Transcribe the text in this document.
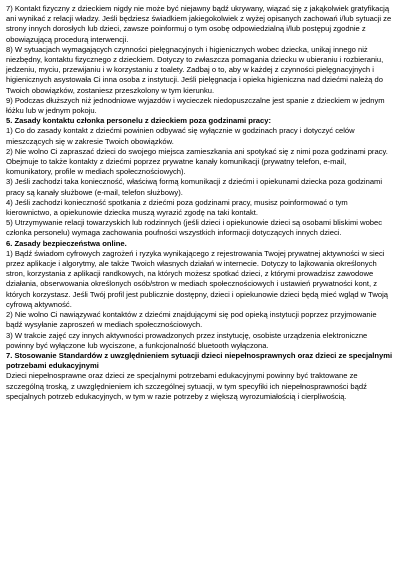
7) Kontakt fizyczny z dzieckiem nigdy nie może być niejawny bądź ukrywany, wiązać się z jakąkolwiek gratyfikacją ani wynikać z relacji władzy. Jeśli będziesz świadkiem jakiegokolwiek z wyżej opisanych zachowań i/lub sytuacji ze strony innych dorosłych lub dzieci, zawsze poinformuj o tym osobę odpowiedzialną i/lub postępuj zgodnie z obowiązującą procedurą interwencji.

8) W sytuacjach wymagających czynności pielęgnacyjnych i higienicznych wobec dziecka, unikaj innego niż niezbędny, kontaktu fizycznego z dzieckiem. Dotyczy to zwłaszcza pomagania dziecku w ubieraniu i rozbieraniu, jedzeniu, myciu, przewijaniu i w korzystaniu z toalety. Zadbaj o to, aby w każdej z czynności pielęgnacyjnych i higienicznych asystowała Ci inna osoba z instytucji. Jeśli pielęgnacja i opieka higieniczna nad dziećmi należą do Twoich obowiązków, zostaniesz przeszkolony w tym kierunku.

9) Podczas dłuższych niż jednodniowe wyjazdów i wycieczek niedopuszczalne jest spanie z dzieckiem w jednym łóżku lub w jednym pokoju.

5. Zasady kontaktu członka personelu z dzieckiem poza godzinami pracy:

1) Co do zasady kontakt z dziećmi powinien odbywać się wyłącznie w godzinach pracy i dotyczyć celów mieszczących się w zakresie Twoich obowiązków.

2) Nie wolno Ci zapraszać dzieci do swojego miejsca zamieszkania ani spotykać się z nimi poza godzinami pracy. Obejmuje to także kontakty z dziećmi poprzez prywatne kanały komunikacji (prywatny telefon, e-mail, komunikatory, profile w mediach społecznościowych).

3) Jeśli zachodzi taka konieczność, właściwą formą komunikacji z dziećmi i opiekunami dziecka poza godzinami pracy są kanały służbowe (e-mail, telefon służbowy).

4) Jeśli zachodzi konieczność spotkania z dziećmi poza godzinami pracy, musisz poinformować o tym kierownictwo, a opiekunowie dziecka muszą wyrazić zgodę na taki kontakt.

5) Utrzymywanie relacji towarzyskich lub rodzinnych (jeśli dzieci i opiekunowie dzieci są osobami bliskimi wobec członka personelu) wymaga zachowania poufności wszystkich informacji dotyczących innych dzieci.

6. Zasady bezpieczeństwa online.

1) Bądź świadom cyfrowych zagrożeń i ryzyka wynikającego z rejestrowania Twojej prywatnej aktywności w sieci przez aplikacje i algorytmy, ale także Twoich własnych działań w internecie. Dotyczy to lajkowania określonych stron, korzystania z aplikacji randkowych, na których możesz spotkać dzieci, z którymi prowadzisz zawodowe działania, obserwowania określonych osób/stron w mediach społecznościowych i ustawień prywatności kont, z których korzystasz. Jeśli Twój profil jest publicznie dostępny, dzieci i opiekunowie dzieci będą mieć wgląd w Twoją cyfrową aktywność.

2) Nie wolno Ci nawiązywać kontaktów z dziećmi znajdującymi się pod opieką instytucji poprzez przyjmowanie bądź wysyłanie zaproszeń w mediach społecznościowych.

3) W trakcie zajęć czy innych aktywności prowadzonych przez instytucję, osobiste urządzenia elektroniczne powinny być wyłączone lub wyciszone, a funkcjonalność bluetooth wyłączona.

7. Stosowanie Standardów z uwzględnieniem sytuacji dzieci niepełnosprawnych oraz dzieci ze specjalnymi potrzebami edukacyjnymi

Dzieci niepełnosprawne oraz dzieci ze specjalnymi potrzebami edukacyjnymi powinny być traktowane ze szczególną troską, z uwzględnieniem ich szczególnej sytuacji, w tym specyfiki ich niepełnosprawności bądź specjalnych potrzeb edukacyjnych, w tym w razie potrzeby z większą wyrozumiałością i cierpliwością.
